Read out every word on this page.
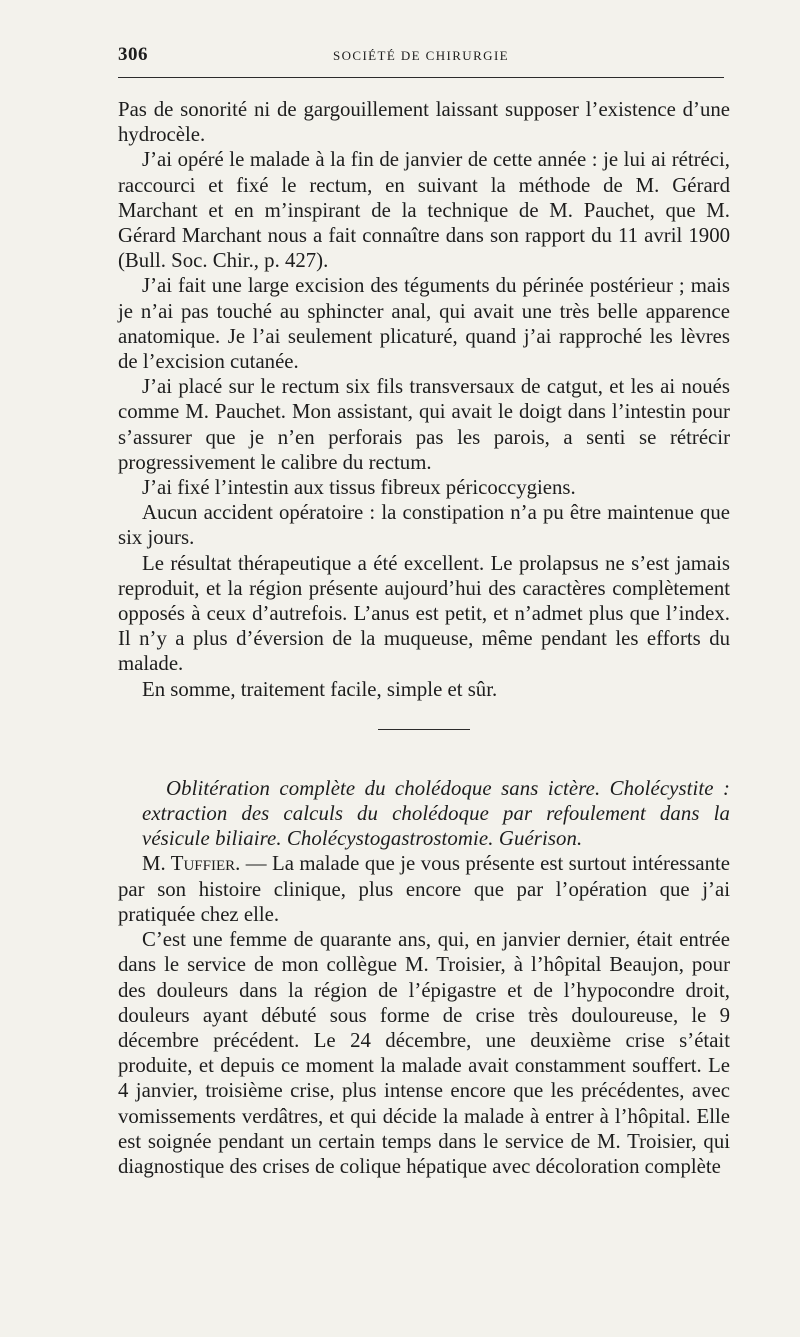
306	SOCIÉTÉ DE CHIRURGIE

Pas de sonorité ni de gargouillement laissant supposer l’existence d’une hydrocèle.

J’ai opéré le malade à la fin de janvier de cette année : je lui ai rétréci, raccourci et fixé le rectum, en suivant la méthode de M. Gérard Marchant et en m’inspirant de la technique de M. Pauchet, que M. Gérard Marchant nous a fait connaître dans son rapport du 11 avril 1900 (Bull. Soc. Chir., p. 427).

J’ai fait une large excision des téguments du périnée postérieur ; mais je n’ai pas touché au sphincter anal, qui avait une très belle apparence anatomique. Je l’ai seulement plicaturé, quand j’ai rapproché les lèvres de l’excision cutanée.

J’ai placé sur le rectum six fils transversaux de catgut, et les ai noués comme M. Pauchet. Mon assistant, qui avait le doigt dans l’intestin pour s’assurer que je n’en perforais pas les parois, a senti se rétrécir progressivement le calibre du rectum.

J’ai fixé l’intestin aux tissus fibreux péricoccygiens.

Aucun accident opératoire : la constipation n’a pu être maintenue que six jours.

Le résultat thérapeutique a été excellent. Le prolapsus ne s’est jamais reproduit, et la région présente aujourd’hui des caractères complètement opposés à ceux d’autrefois. L’anus est petit, et n’admet plus que l’index. Il n’y a plus d’éversion de la muqueuse, même pendant les efforts du malade.

En somme, traitement facile, simple et sûr.

Oblitération complète du cholédoque sans ictère. Cholécystite : extraction des calculs du cholédoque par refoulement dans la vésicule biliaire. Cholécystogastrostomie. Guérison.

M. Tuffier. — La malade que je vous présente est surtout intéressante par son histoire clinique, plus encore que par l’opération que j’ai pratiquée chez elle.

C’est une femme de quarante ans, qui, en janvier dernier, était entrée dans le service de mon collègue M. Troisier, à l’hôpital Beaujon, pour des douleurs dans la région de l’épigastre et de l’hypocondre droit, douleurs ayant débuté sous forme de crise très douloureuse, le 9 décembre précédent. Le 24 décembre, une deuxième crise s’était produite, et depuis ce moment la malade avait constamment souffert. Le 4 janvier, troisième crise, plus intense encore que les précédentes, avec vomissements verdâtres, et qui décide la malade à entrer à l’hôpital. Elle est soignée pendant un certain temps dans le service de M. Troisier, qui diagnostique des crises de colique hépatique avec décoloration complète
